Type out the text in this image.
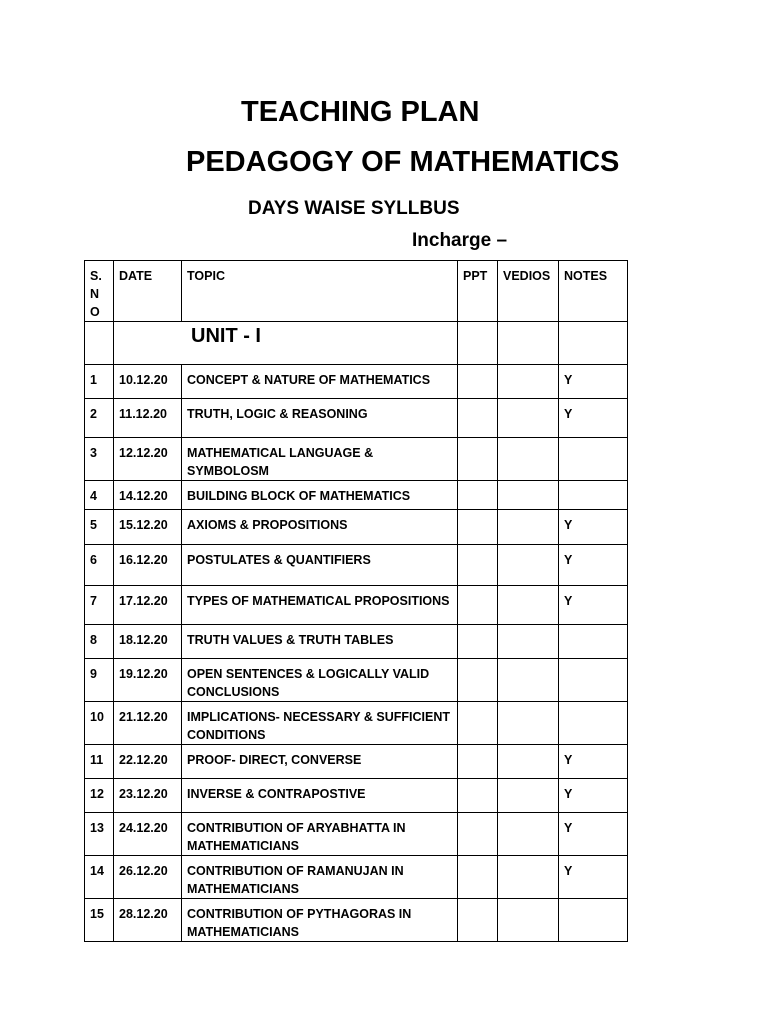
TEACHING PLAN
PEDAGOGY OF MATHEMATICS
DAYS WAISE SYLLBUS
Incharge –
S.
N
O	DATE	TOPIC	PPT	VEDIOS	NOTES

	UNIT - I				

1	10.12.20	CONCEPT & NATURE OF MATHEMATICS			Y
2	11.12.20	TRUTH, LOGIC & REASONING			Y
3	12.12.20	MATHEMATICAL LANGUAGE & SYMBOLOSM			
4	14.12.20	BUILDING BLOCK OF MATHEMATICS			
5	15.12.20	AXIOMS & PROPOSITIONS			Y
6	16.12.20	POSTULATES & QUANTIFIERS			Y
7	17.12.20	TYPES OF MATHEMATICAL PROPOSITIONS			Y
8	18.12.20	TRUTH VALUES & TRUTH TABLES			
9	19.12.20	OPEN SENTENCES & LOGICALLY VALID CONCLUSIONS			
10	21.12.20	IMPLICATIONS- NECESSARY & SUFFICIENT CONDITIONS			
11	22.12.20	PROOF- DIRECT, CONVERSE			Y
12	23.12.20	INVERSE & CONTRAPOSTIVE			Y
13	24.12.20	CONTRIBUTION OF ARYABHATTA IN MATHEMATICIANS			Y
14	26.12.20	CONTRIBUTION OF RAMANUJAN IN MATHEMATICIANS			Y
15	28.12.20	CONTRIBUTION OF PYTHAGORAS IN MATHEMATICIANS			
